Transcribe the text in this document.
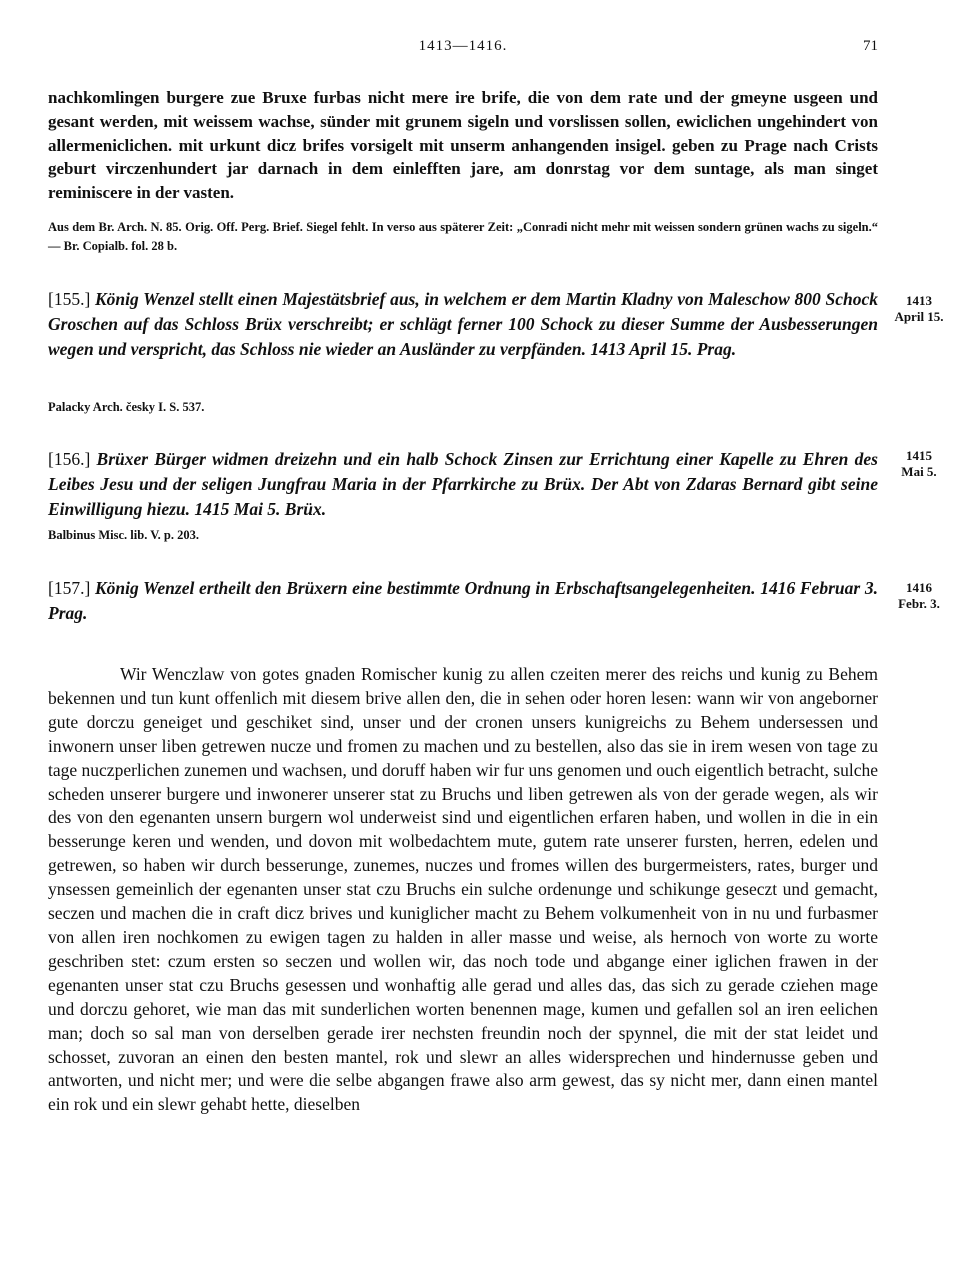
1413—1416.	71
nachkomlingen burgere zue Bruxe furbas nicht mere ire brife, die von dem rate und der gmeyne usgeen und gesant werden, mit weissem wachse, sünder mit grunem sigeln und vorslissen sollen, ewiclichen ungehindert von allermeniclichen. mit urkunt dicz brifes vorsigelt mit unserm anhangenden insigel. geben zu Prage nach Crists geburt virczenhundert jar darnach in dem einlefften jare, am donrstag vor dem suntage, als man singet reminiscere in der vasten.
Aus dem Br. Arch. N. 85. Orig. Off. Perg. Brief. Siegel fehlt. In verso aus späterer Zeit: „Conradi nicht mehr mit weissen sondern grünen wachs zu sigeln.“ — Br. Copialb. fol. 28 b.
[155.] König Wenzel stellt einen Majestätsbrief aus, in welchem er dem Martin Kladny von Maleschow 800 Schock Groschen auf das Schloss Brüx verschreibt; er schlägt ferner 100 Schock zu dieser Summe der Ausbesserungen wegen und verspricht, das Schloss nie wieder an Ausländer zu verpfänden. 1413 April 15. Prag.
1413
April 15.
Palacky Arch. česky I. S. 537.
[156.] Brüxer Bürger widmen dreizehn und ein halb Schock Zinsen zur Errichtung einer Kapelle zu Ehren des Leibes Jesu und der seligen Jungfrau Maria in der Pfarrkirche zu Brüx. Der Abt von Zdaras Bernard gibt seine Einwilligung hiezu. 1415 Mai 5. Brüx.
1415
Mai 5.
Balbinus Misc. lib. V. p. 203.
[157.] König Wenzel ertheilt den Brüxern eine bestimmte Ordnung in Erbschaftsangelegenheiten. 1416 Februar 3. Prag.
1416
Febr. 3.

Wir Wenczlaw von gotes gnaden Romischer kunig zu allen czeiten merer des reichs und kunig zu Behem bekennen und tun kunt offenlich mit diesem brive allen den, die in sehen oder horen lesen: wann wir von angeborner gute dorczu geneiget und geschiket sind, unser und der cronen unsers kunigreichs zu Behem undersessen und inwonern unser liben getrewen nucze und fromen zu machen und zu bestellen, also das sie in irem wesen von tage zu tage nuczperlichen zunemen und wachsen, und doruff haben wir fur uns genomen und ouch eigentlich betracht, sulche scheden unserer burgere und inwonerer unserer stat zu Bruchs und liben getrewen als von der gerade wegen, als wir des von den egenanten unsern burgern wol underweist sind und eigentlichen erfaren haben, und wollen in die in ein besserunge keren und wenden, und dovon mit wolbedachtem mute, gutem rate unserer fursten, herren, edelen und getrewen, so haben wir durch besserunge, zunemes, nuczes und fromes willen des burgermeisters, rates, burger und ynsessen gemeinlich der egenanten unser stat czu Bruchs ein sulche ordenunge und schikunge geseczt und gemacht, seczen und machen die in craft dicz brives und kuniglicher macht zu Behem volkumenheit von in nu und furbasmer von allen iren nochkomen zu ewigen tagen zu halden in aller masse und weise, als hernoch von worte zu worte geschriben stet: czum ersten so seczen und wollen wir, das noch tode und abgange einer iglichen frawen in der egenanten unser stat czu Bruchs gesessen und wonhaftig alle gerad und alles das, das sich zu gerade cziehen mage und dorczu gehoret, wie man das mit sunderlichen worten benennen mage, kumen und gefallen sol an iren eelichen man; doch so sal man von derselben gerade irer nechsten freundin noch der spynnel, die mit der stat leidet und schosset, zuvoran an einen den besten mantel, rok und slewr an alles widersprechen und hindernusse geben und antworten, und nicht mer; und were die selbe abgangen frawe also arm gewest, das sy nicht mer, dann einen mantel ein rok und ein slewr gehabt hette, dieselben
